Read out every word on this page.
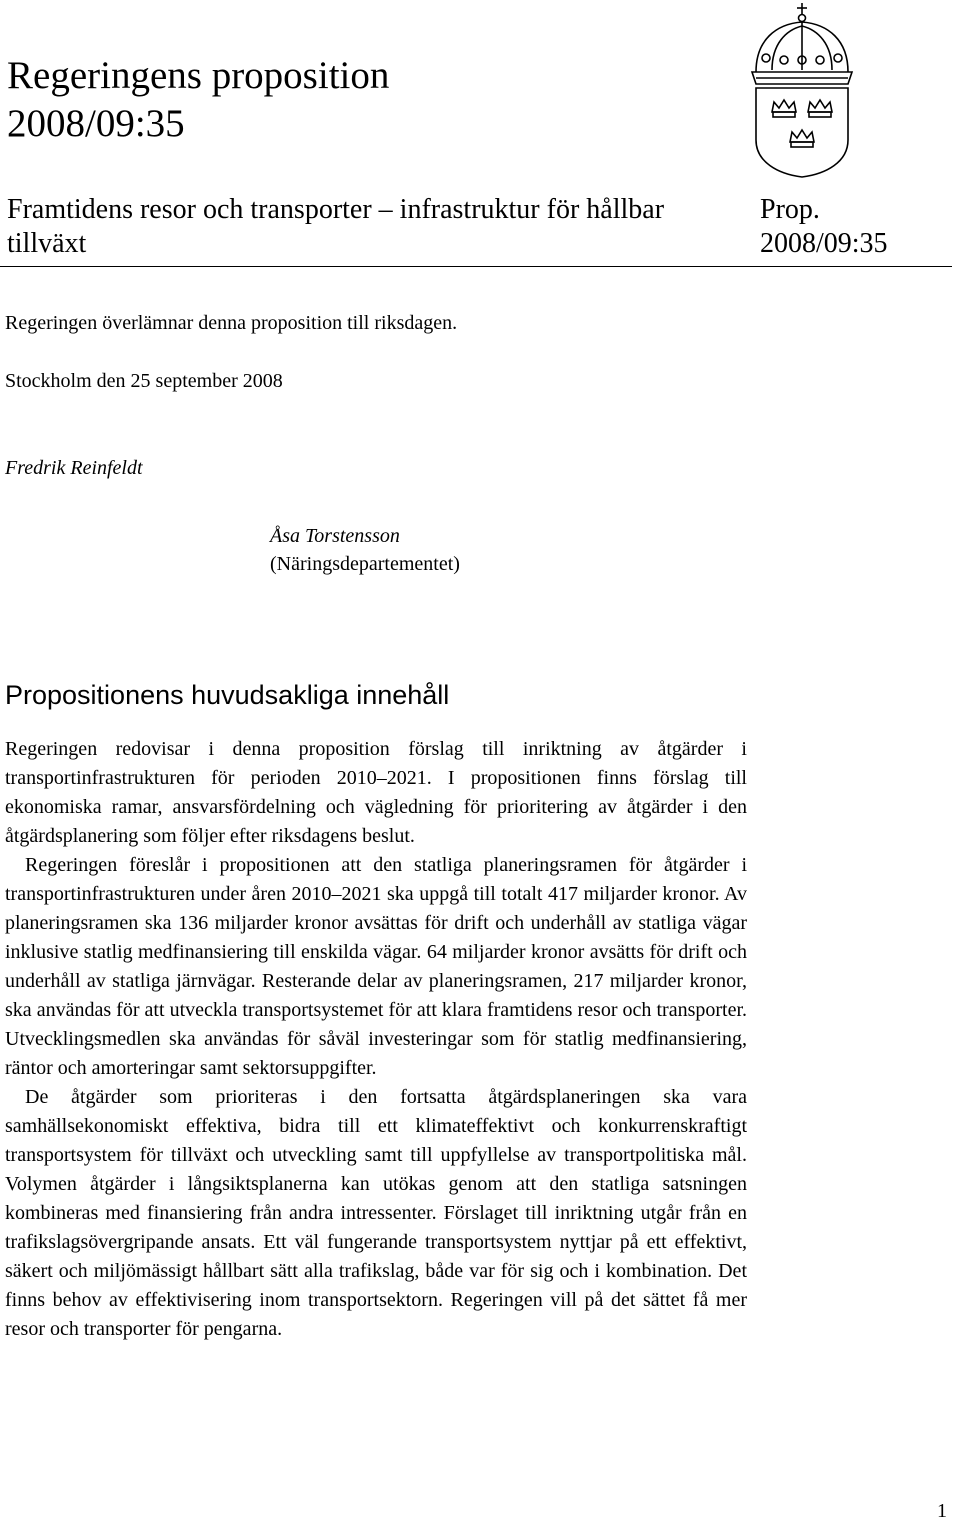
Regeringens proposition
2008/09:35
Framtidens resor och transporter – infrastruktur för hållbar tillväxt
Prop.
2008/09:35
Regeringen överlämnar denna proposition till riksdagen.
Stockholm den 25 september 2008
Fredrik Reinfeldt
Åsa Torstensson
(Näringsdepartementet)
Propositionens huvudsakliga innehåll

Regeringen redovisar i denna proposition förslag till inriktning av åtgärder i transportinfrastrukturen för perioden 2010–2021. I propositionen finns förslag till ekonomiska ramar, ansvarsfördelning och vägledning för prioritering av åtgärder i den åtgärdsplanering som följer efter riksdagens beslut.

Regeringen föreslår i propositionen att den statliga planeringsramen för åtgärder i transportinfrastrukturen under åren 2010–2021 ska uppgå till totalt 417 miljarder kronor. Av planeringsramen ska 136 miljarder kronor avsättas för drift och underhåll av statliga vägar inklusive statlig medfinansiering till enskilda vägar. 64 miljarder kronor avsätts för drift och underhåll av statliga järnvägar. Resterande delar av planeringsramen, 217 miljarder kronor, ska användas för att utveckla transportsystemet för att klara framtidens resor och transporter. Utvecklingsmedlen ska användas för såväl investeringar som för statlig medfinansiering, räntor och amorteringar samt sektorsuppgifter.

De åtgärder som prioriteras i den fortsatta åtgärdsplaneringen ska vara samhällsekonomiskt effektiva, bidra till ett klimateffektivt och konkurrenskraftigt transportsystem för tillväxt och utveckling samt till uppfyllelse av transportpolitiska mål. Volymen åtgärder i långsiktsplanerna kan utökas genom att den statliga satsningen kombineras med finansiering från andra intressenter. Förslaget till inriktning utgår från en trafikslagsövergripande ansats. Ett väl fungerande transportsystem nyttjar på ett effektivt, säkert och miljömässigt hållbart sätt alla trafikslag, både var för sig och i kombination. Det finns behov av effektivisering inom transportsektorn. Regeringen vill på det sättet få mer resor och transporter för pengarna.

1
